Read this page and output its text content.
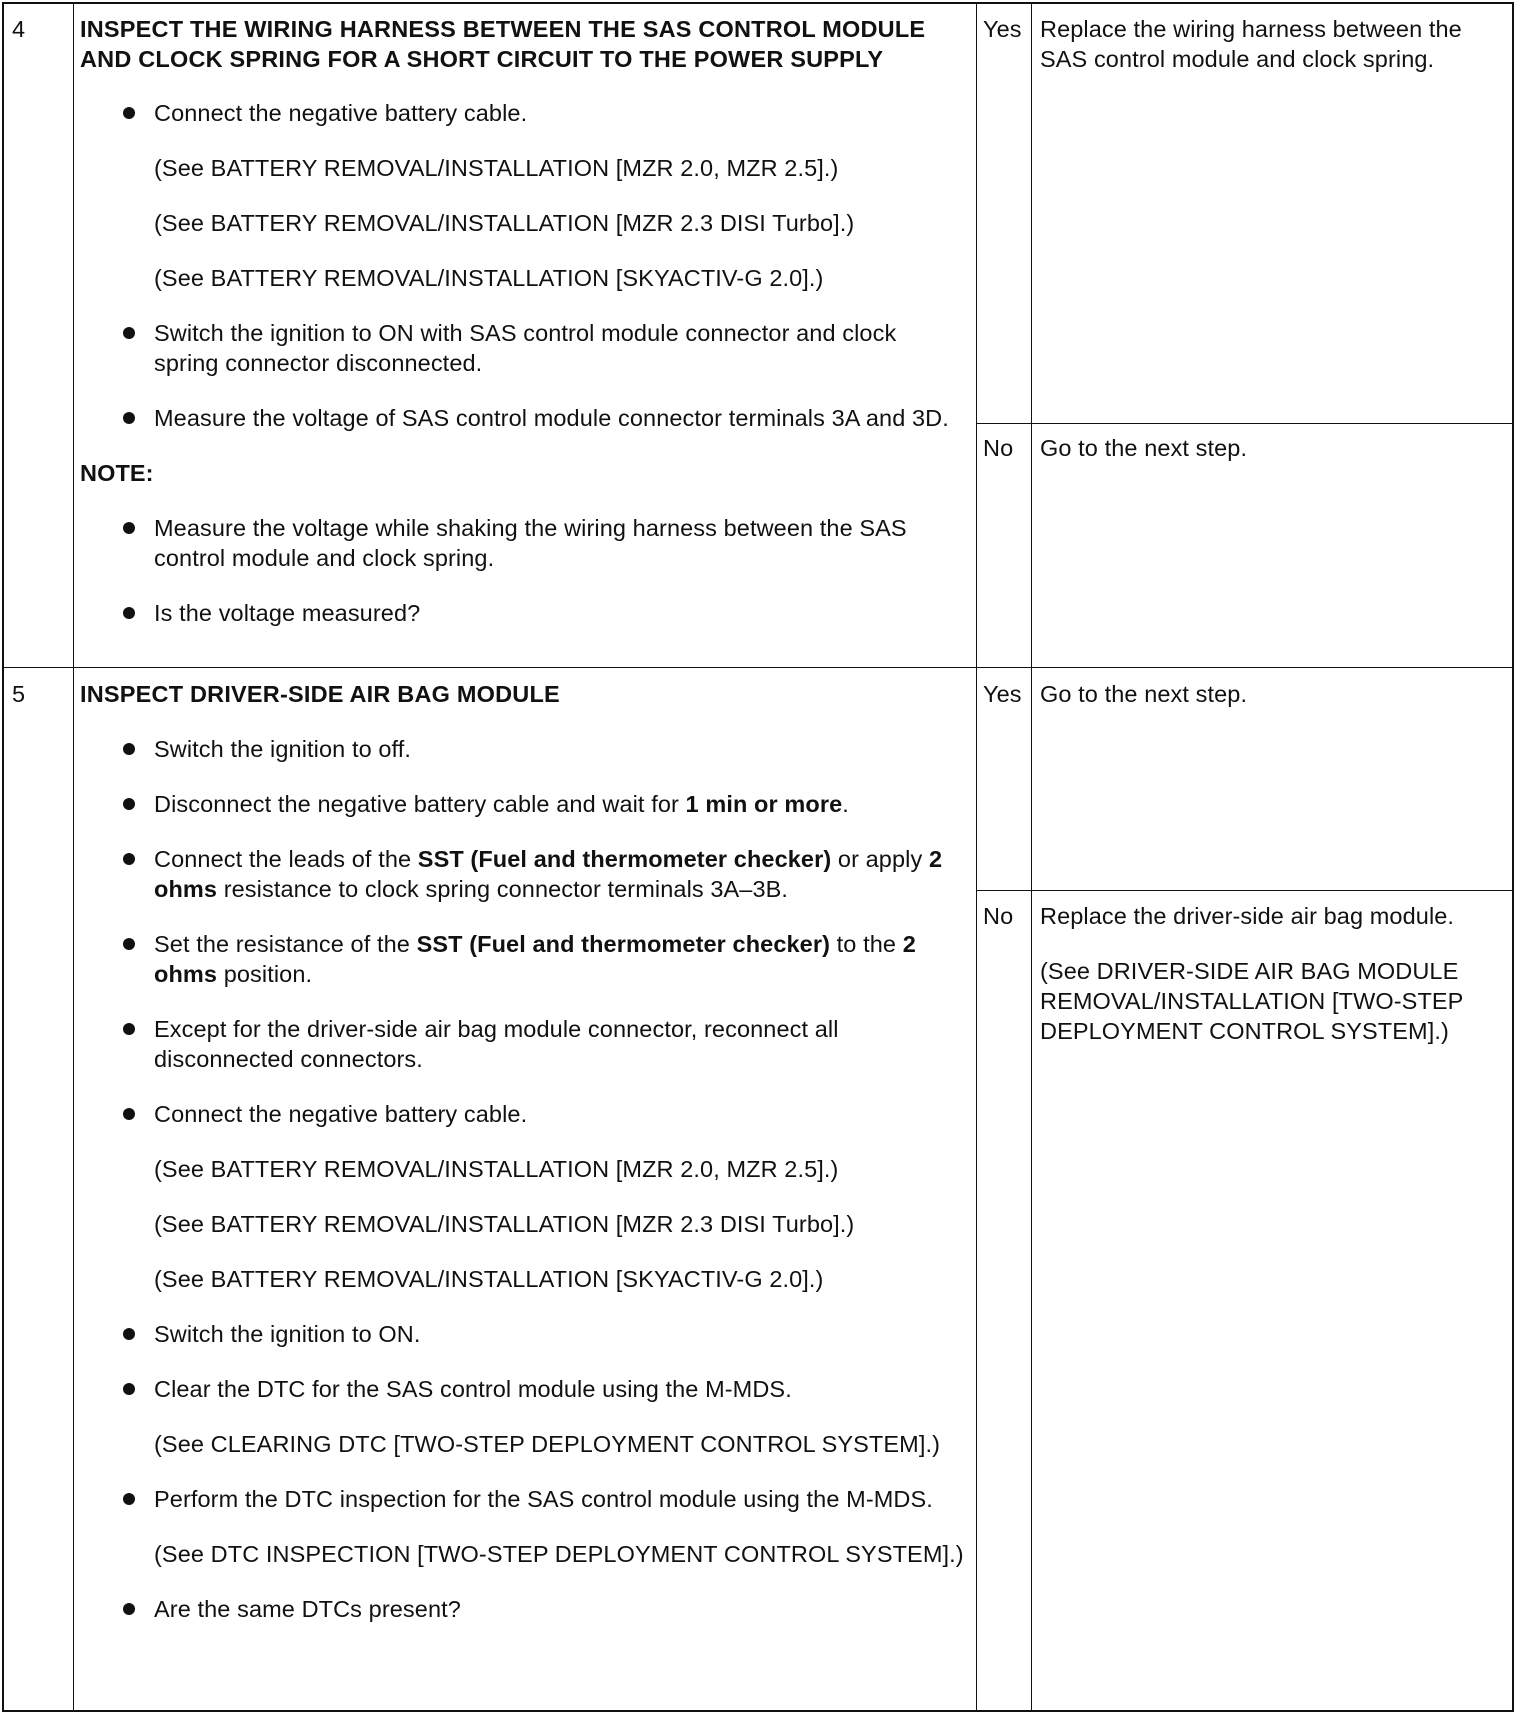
4	INSPECT THE WIRING HARNESS BETWEEN THE SAS CONTROL MODULE AND CLOCK SPRING FOR A SHORT CIRCUIT TO THE POWER SUPPLY
Connect the negative battery cable.
(See BATTERY REMOVAL/INSTALLATION [MZR 2.0, MZR 2.5].)
(See BATTERY REMOVAL/INSTALLATION [MZR 2.3 DISI Turbo].)
(See BATTERY REMOVAL/INSTALLATION [SKYACTIV-G 2.0].)
Switch the ignition to ON with SAS control module connector and clock spring connector disconnected.
Measure the voltage of SAS control module connector terminals 3A and 3D.
NOTE:
Measure the voltage while shaking the wiring harness between the SAS control module and clock spring.
Is the voltage measured?
Yes Replace the wiring harness between the SAS control module and clock spring.
No	Go to the next step.
5	INSPECT DRIVER-SIDE AIR BAG MODULE
Switch the ignition to off.
Disconnect the negative battery cable and wait for 1 min or more.
Connect the leads of the SST (Fuel and thermometer checker) or apply 2 ohms resistance to clock spring connector terminals 3A–3B.
Set the resistance of the SST (Fuel and thermometer checker) to the 2 ohms position.
Except for the driver-side air bag module connector, reconnect all disconnected connectors.
Connect the negative battery cable.
(See BATTERY REMOVAL/INSTALLATION [MZR 2.0, MZR 2.5].)
(See BATTERY REMOVAL/INSTALLATION [MZR 2.3 DISI Turbo].)
(See BATTERY REMOVAL/INSTALLATION [SKYACTIV-G 2.0].)
Switch the ignition to ON.
Clear the DTC for the SAS control module using the M-MDS.
(See CLEARING DTC [TWO-STEP DEPLOYMENT CONTROL SYSTEM].)
Perform the DTC inspection for the SAS control module using the M-MDS.
(See DTC INSPECTION [TWO-STEP DEPLOYMENT CONTROL SYSTEM].)
Are the same DTCs present?
Yes Go to the next step.
No	Replace the driver-side air bag module.
(See DRIVER-SIDE AIR BAG MODULE REMOVAL/INSTALLATION [TWO-STEP DEPLOYMENT CONTROL SYSTEM].)
